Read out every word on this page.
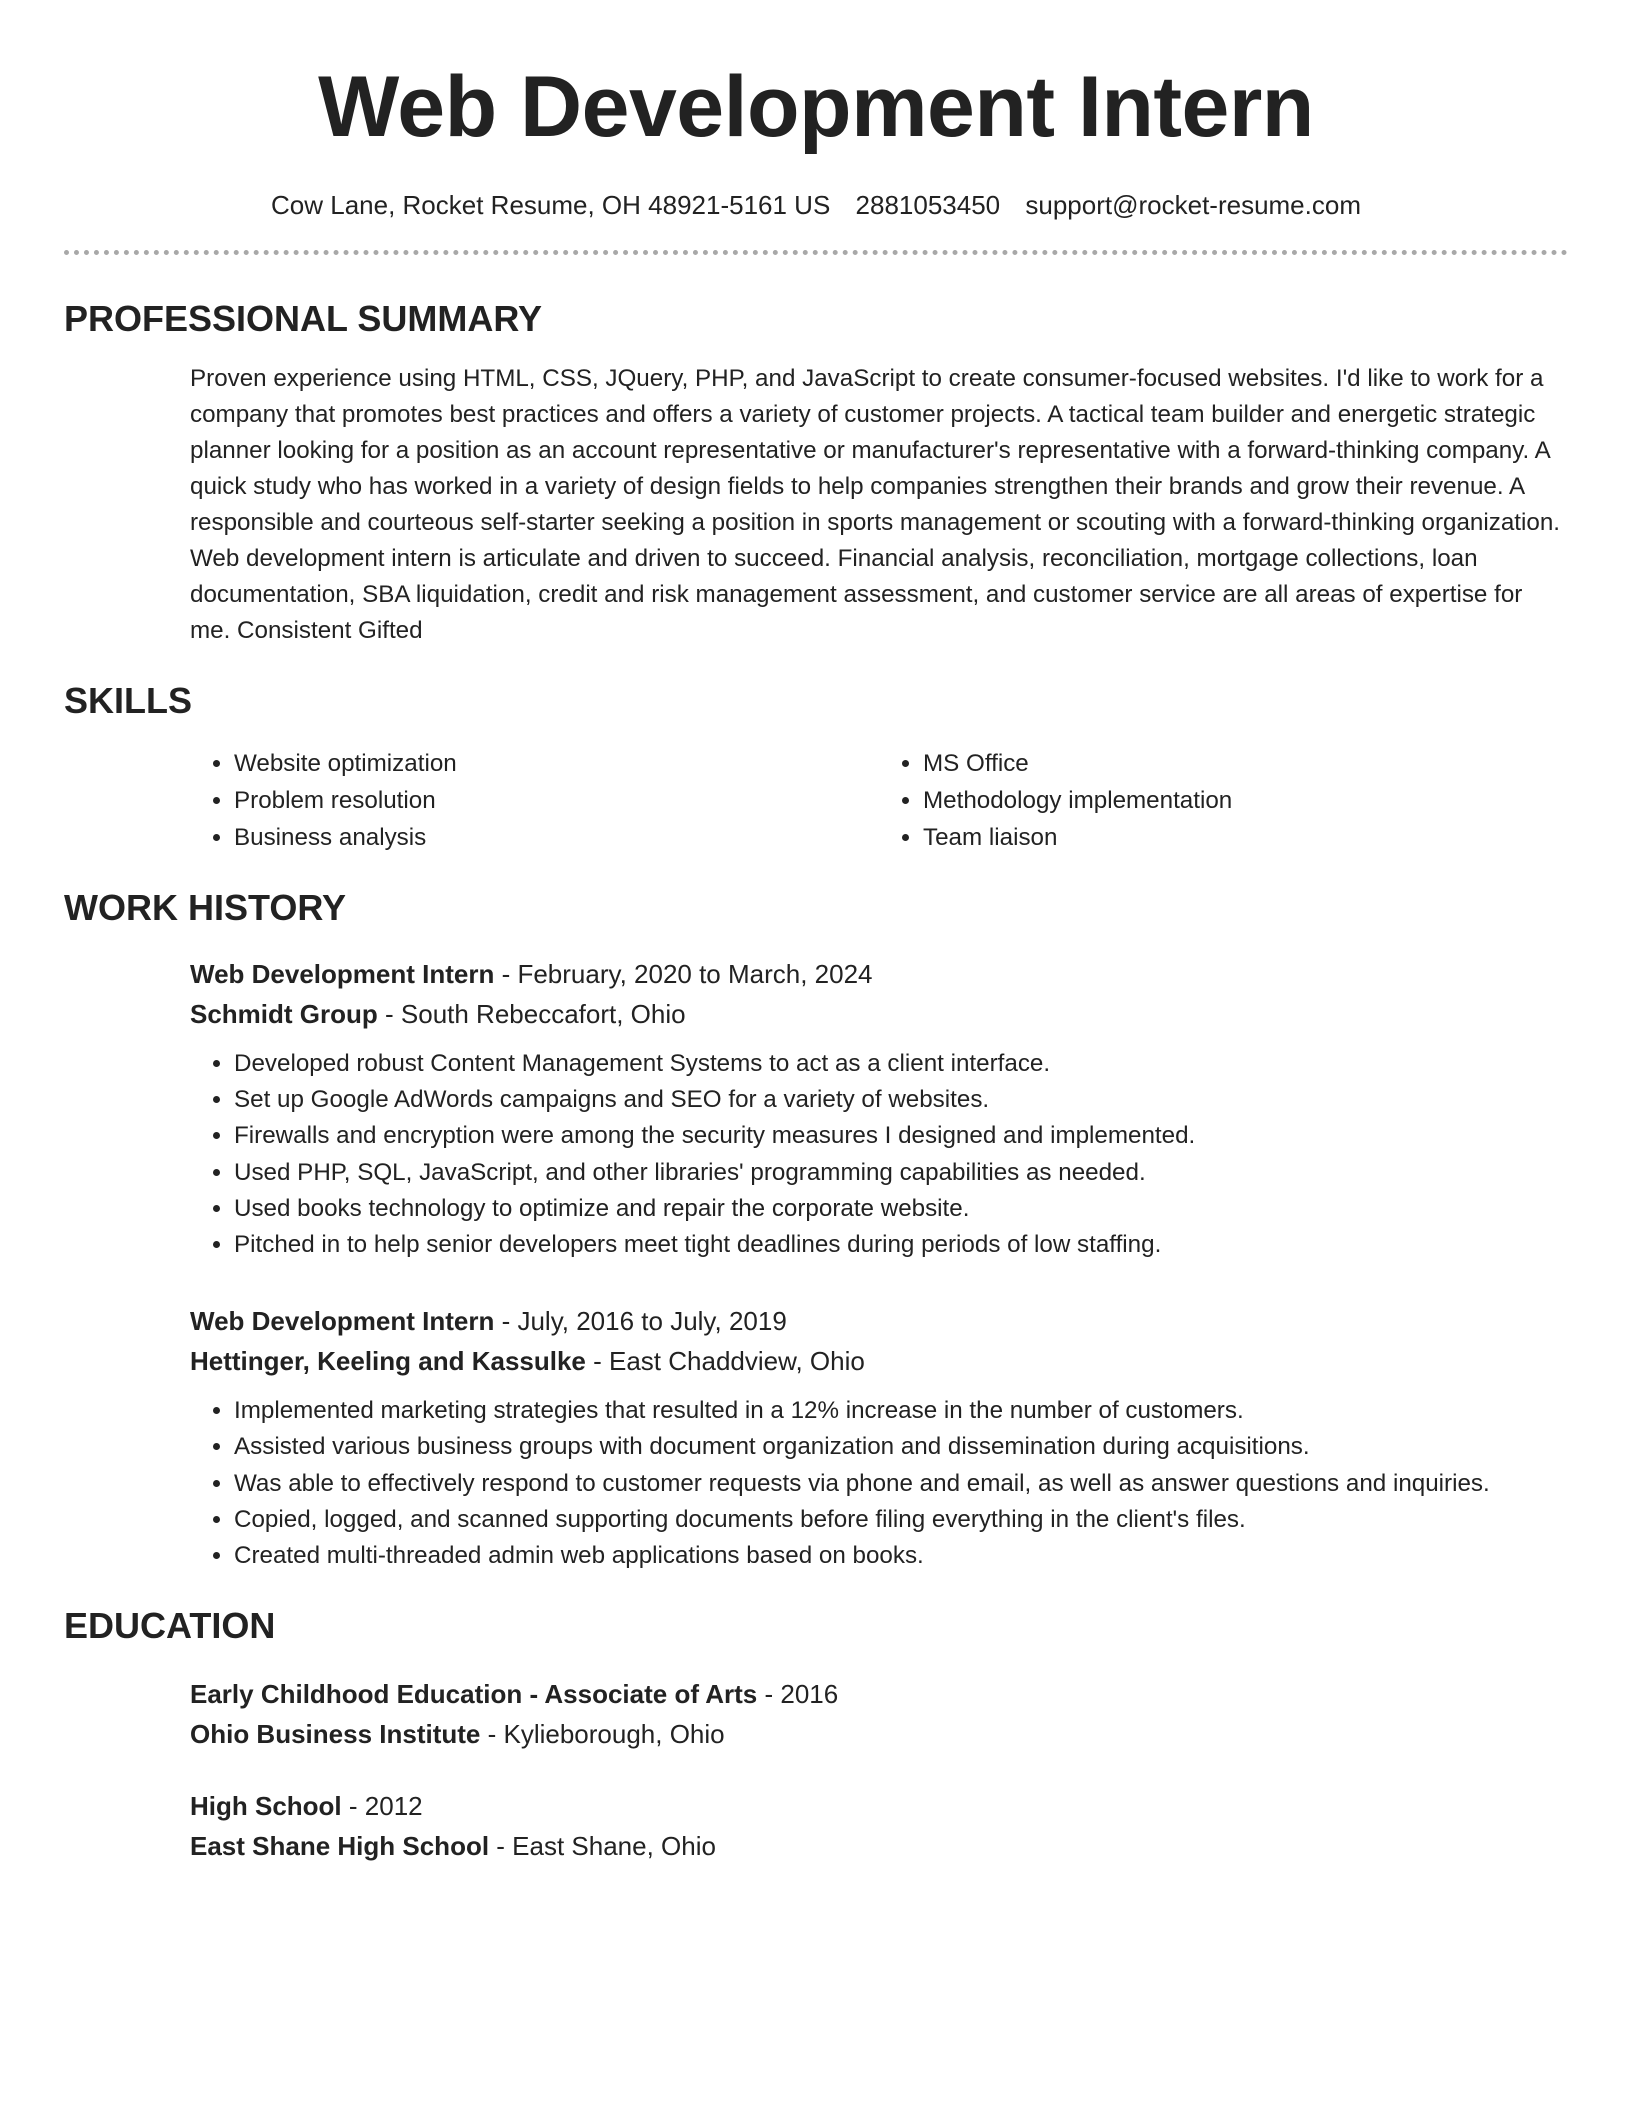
Web Development Intern
Cow Lane, Rocket Resume, OH 48921-5161 US 2881053450 support@rocket-resume.com
PROFESSIONAL SUMMARY
Proven experience using HTML, CSS, JQuery, PHP, and JavaScript to create consumer-focused websites. I'd like to work for a company that promotes best practices and offers a variety of customer projects. A tactical team builder and energetic strategic planner looking for a position as an account representative or manufacturer's representative with a forward-thinking company. A quick study who has worked in a variety of design fields to help companies strengthen their brands and grow their revenue. A responsible and courteous self-starter seeking a position in sports management or scouting with a forward-thinking organization. Web development intern is articulate and driven to succeed. Financial analysis, reconciliation, mortgage collections, loan documentation, SBA liquidation, credit and risk management assessment, and customer service are all areas of expertise for me. Consistent Gifted
SKILLS
• Website optimization
• Problem resolution
• Business analysis
• MS Office
• Methodology implementation
• Team liaison
WORK HISTORY
Web Development Intern - February, 2020 to March, 2024
Schmidt Group - South Rebeccafort, Ohio
• Developed robust Content Management Systems to act as a client interface.
• Set up Google AdWords campaigns and SEO for a variety of websites.
• Firewalls and encryption were among the security measures I designed and implemented.
• Used PHP, SQL, JavaScript, and other libraries' programming capabilities as needed.
• Used books technology to optimize and repair the corporate website.
• Pitched in to help senior developers meet tight deadlines during periods of low staffing.
Web Development Intern - July, 2016 to July, 2019
Hettinger, Keeling and Kassulke - East Chaddview, Ohio
• Implemented marketing strategies that resulted in a 12% increase in the number of customers.
• Assisted various business groups with document organization and dissemination during acquisitions.
• Was able to effectively respond to customer requests via phone and email, as well as answer questions and inquiries.
• Copied, logged, and scanned supporting documents before filing everything in the client's files.
• Created multi-threaded admin web applications based on books.
EDUCATION
Early Childhood Education - Associate of Arts - 2016
Ohio Business Institute - Kylieborough, Ohio
High School - 2012
East Shane High School - East Shane, Ohio
